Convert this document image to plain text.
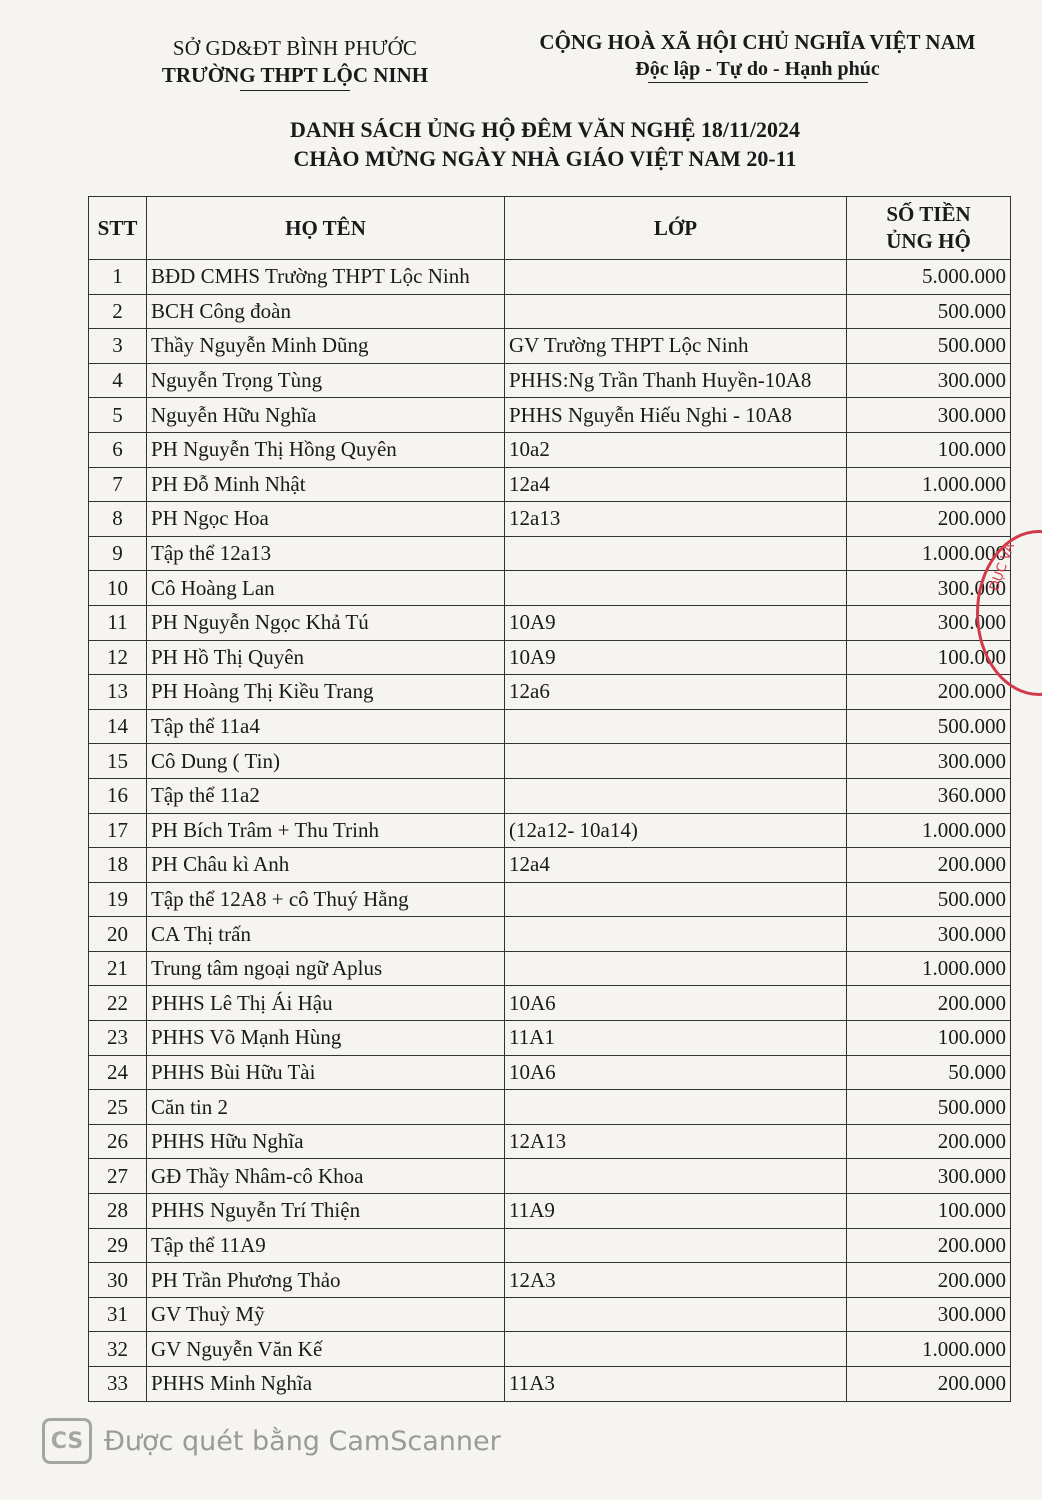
SỞ GD&ĐT BÌNH PHƯỚC
TRƯỜNG THPT LỘC NINH
CỘNG HOÀ XÃ HỘI CHỦ NGHĨA VIỆT NAM
Độc lập - Tự do - Hạnh phúc
DANH SÁCH ỦNG HỘ ĐÊM VĂN NGHỆ 18/11/2024
CHÀO MỪNG NGÀY NHÀ GIÁO VIỆT NAM 20-11
STT	HỌ TÊN	LỚP	SỐ TIỀN
ỦNG HỘ

1	BĐD CMHS Trường THPT Lộc Ninh		5.000.000
2	BCH Công đoàn		500.000
3	Thầy Nguyễn Minh Dũng	GV Trường THPT Lộc Ninh	500.000
4	Nguyễn Trọng Tùng	PHHS:Ng Trần Thanh Huyền-10A8	300.000
5	Nguyễn Hữu Nghĩa	PHHS Nguyễn Hiếu Nghi - 10A8	300.000
6	PH Nguyễn Thị Hồng Quyên	10a2	100.000
7	PH Đỗ Minh Nhật	12a4	1.000.000
8	PH Ngọc Hoa	12a13	200.000
9	Tập thể 12a13		1.000.000
10	Cô Hoàng Lan		300.000
11	PH Nguyễn Ngọc Khả Tú	10A9	300.000
12	PH Hồ Thị Quyên	10A9	100.000
13	PH Hoàng Thị Kiều Trang	12a6	200.000
14	Tập thể 11a4		500.000
15	Cô Dung ( Tin)		300.000
16	Tập thể 11a2		360.000
17	PH Bích Trâm + Thu Trinh	(12a12- 10a14)	1.000.000
18	PH Châu kì Anh	12a4	200.000
19	Tập thể 12A8 + cô Thuý Hằng		500.000
20	CA Thị trấn		300.000
21	Trung tâm ngoại ngữ Aplus		1.000.000
22	PHHS Lê Thị Ái Hậu	10A6	200.000
23	PHHS Võ Mạnh Hùng	11A1	100.000
24	PHHS Bùi Hữu Tài	10A6	50.000
25	Căn tin 2		500.000
26	PHHS Hữu Nghĩa	12A13	200.000
27	GĐ Thầy Nhâm-cô Khoa		300.000
28	PHHS Nguyễn Trí Thiện	11A9	100.000
29	Tập thể 11A9		200.000
30	PH Trần Phương Thảo	12A3	200.000
31	GV Thuỳ Mỹ		300.000
32	GV Nguyễn Văn Kế		1.000.000
33	PHHS Minh Nghĩa	11A3	200.000
DỤC VÀ
CS Được quét bằng CamScanner
